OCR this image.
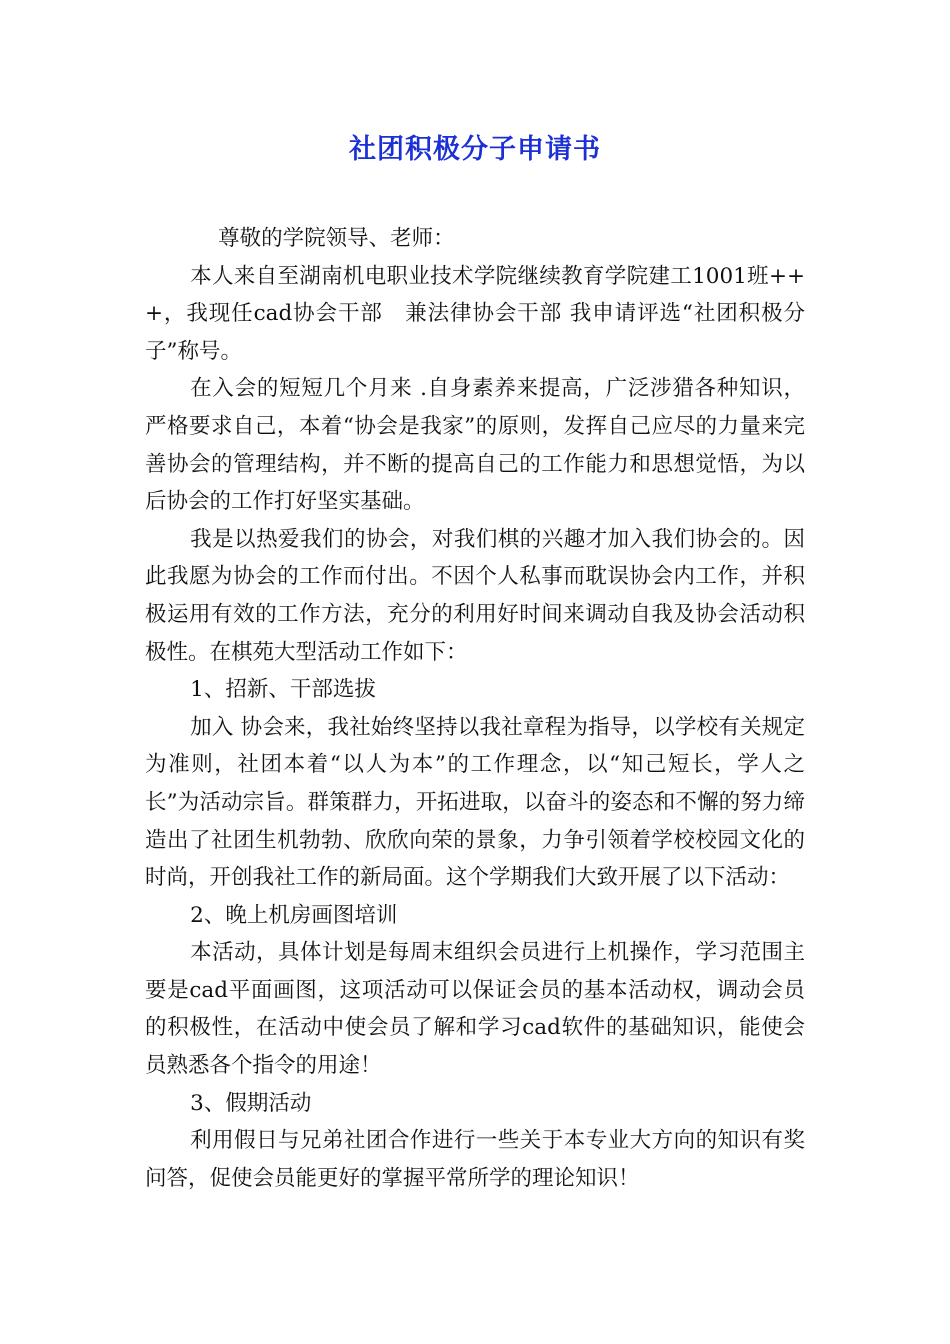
社团积极分子申请书

尊敬的学院领导、老师：

本人来自至湖南机电职业技术学院继续教育学院建工1001班+++，我现任cad协会干部　兼法律协会干部 我申请评选“社团积极分子”称号。

在入会的短短几个月来 .自身素养来提高，广泛涉猎各种知识，严格要求自己，本着“协会是我家”的原则，发挥自己应尽的力量来完善协会的管理结构，并不断的提高自己的工作能力和思想觉悟，为以后协会的工作打好坚实基础。

我是以热爱我们的协会，对我们棋的兴趣才加入我们协会的。因此我愿为协会的工作而付出。不因个人私事而耽误协会内工作，并积极运用有效的工作方法，充分的利用好时间来调动自我及协会活动积极性。在棋苑大型活动工作如下：

1、招新、干部选拔

加入 协会来，我社始终坚持以我社章程为指导，以学校有关规定为准则，社团本着“以人为本”的工作理念，以“知己短长，学人之长”为活动宗旨。群策群力，开拓进取，以奋斗的姿态和不懈的努力缔造出了社团生机勃勃、欣欣向荣的景象，力争引领着学校校园文化的时尚，开创我社工作的新局面。这个学期我们大致开展了以下活动：

2、晚上机房画图培训

本活动，具体计划是每周末组织会员进行上机操作，学习范围主要是cad平面画图，这项活动可以保证会员的基本活动权，调动会员的积极性，在活动中使会员了解和学习cad软件的基础知识，能使会员熟悉各个指令的用途！

3、假期活动

利用假日与兄弟社团合作进行一些关于本专业大方向的知识有奖问答，促使会员能更好的掌握平常所学的理论知识！
